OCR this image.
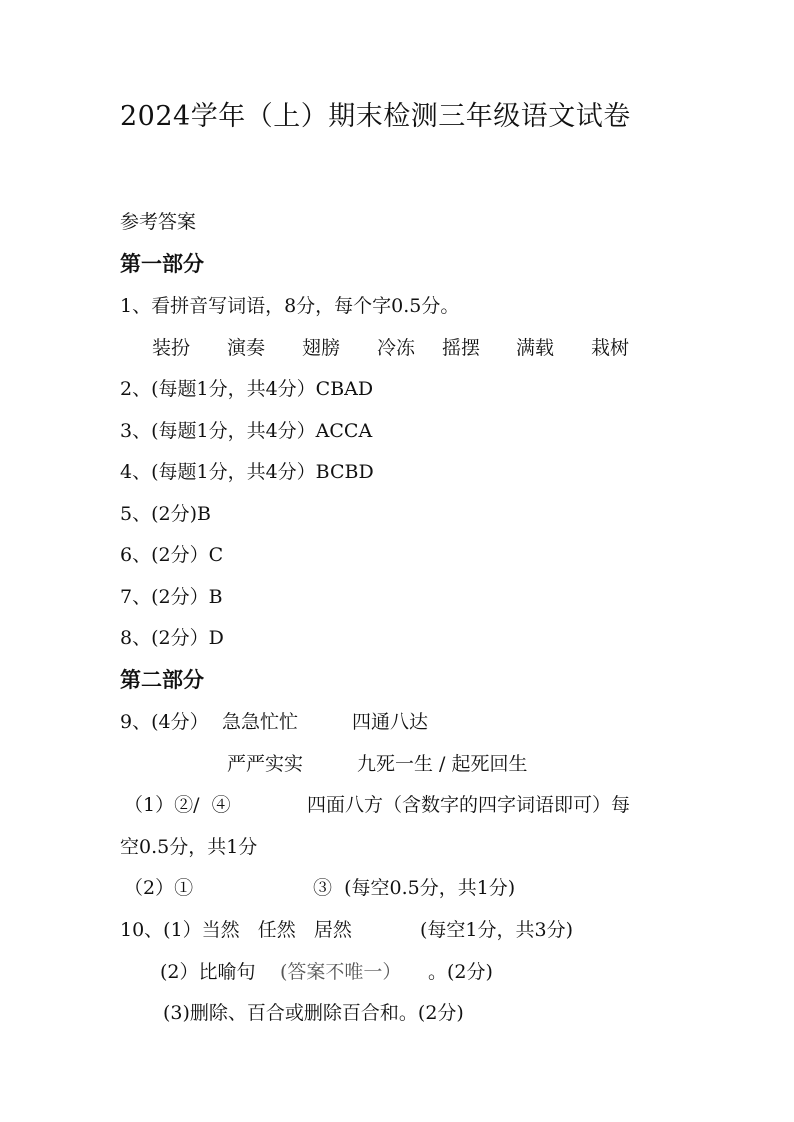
2024学年（上）期末检测三年级语文试卷
参考答案
第一部分
1、看拼音写词语，8分，每个字0.5分。
装扮 演奏 翅膀 冷冻 摇摆 满载 栽树
2、(每题1分，共4分）CBAD
3、(每题1分，共4分）ACCA
4、(每题1分，共4分）BCBD
5、(2分)B
6、(2分）C
7、(2分）B
8、(2分）D
第二部分
9、(4分） 急急忙忙	四通八达
严严实实	九死一生 / 起死回生
（1）②/  ④	四面八方（含数字的四字词语即可）每
空0.5分，共1分
（2）①	③  (每空0.5分，共1分)
10、(1）当然   任然   居然	(每空1分，共3分)
(2）比喻句 (答案不唯一） 。(2分)
(3)删除、百合或删除百合和。(2分)
